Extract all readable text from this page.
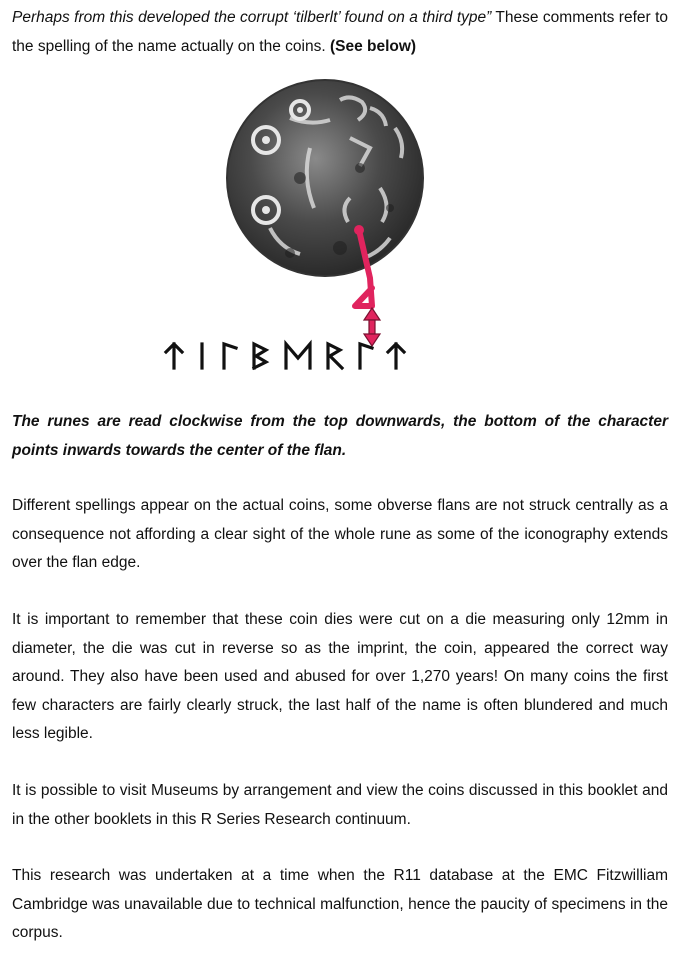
Perhaps from this developed the corrupt ‘tilberlt’ found on a third type” These comments refer to the spelling of the name actually on the coins. (See below)

The runes are read clockwise from the top downwards, the bottom of the character points inwards towards the center of the flan.

Different spellings appear on the actual coins, some obverse flans are not struck centrally as a consequence not affording a clear sight of the whole rune as some of the iconography extends over the flan edge.

It is important to remember that these coin dies were cut on a die measuring only 12mm in diameter, the die was cut in reverse so as the imprint, the coin, appeared the correct way around. They also have been used and abused for over 1,270 years! On many coins the first few characters are fairly clearly struck, the last half of the name is often blundered and much less legible.

It is possible to visit Museums by arrangement and view the coins discussed in this booklet and in the other booklets in this R Series Research continuum.

This research was undertaken at a time when the R11 database at the EMC Fitzwilliam Cambridge was unavailable due to technical malfunction, hence the paucity of specimens in the corpus.
